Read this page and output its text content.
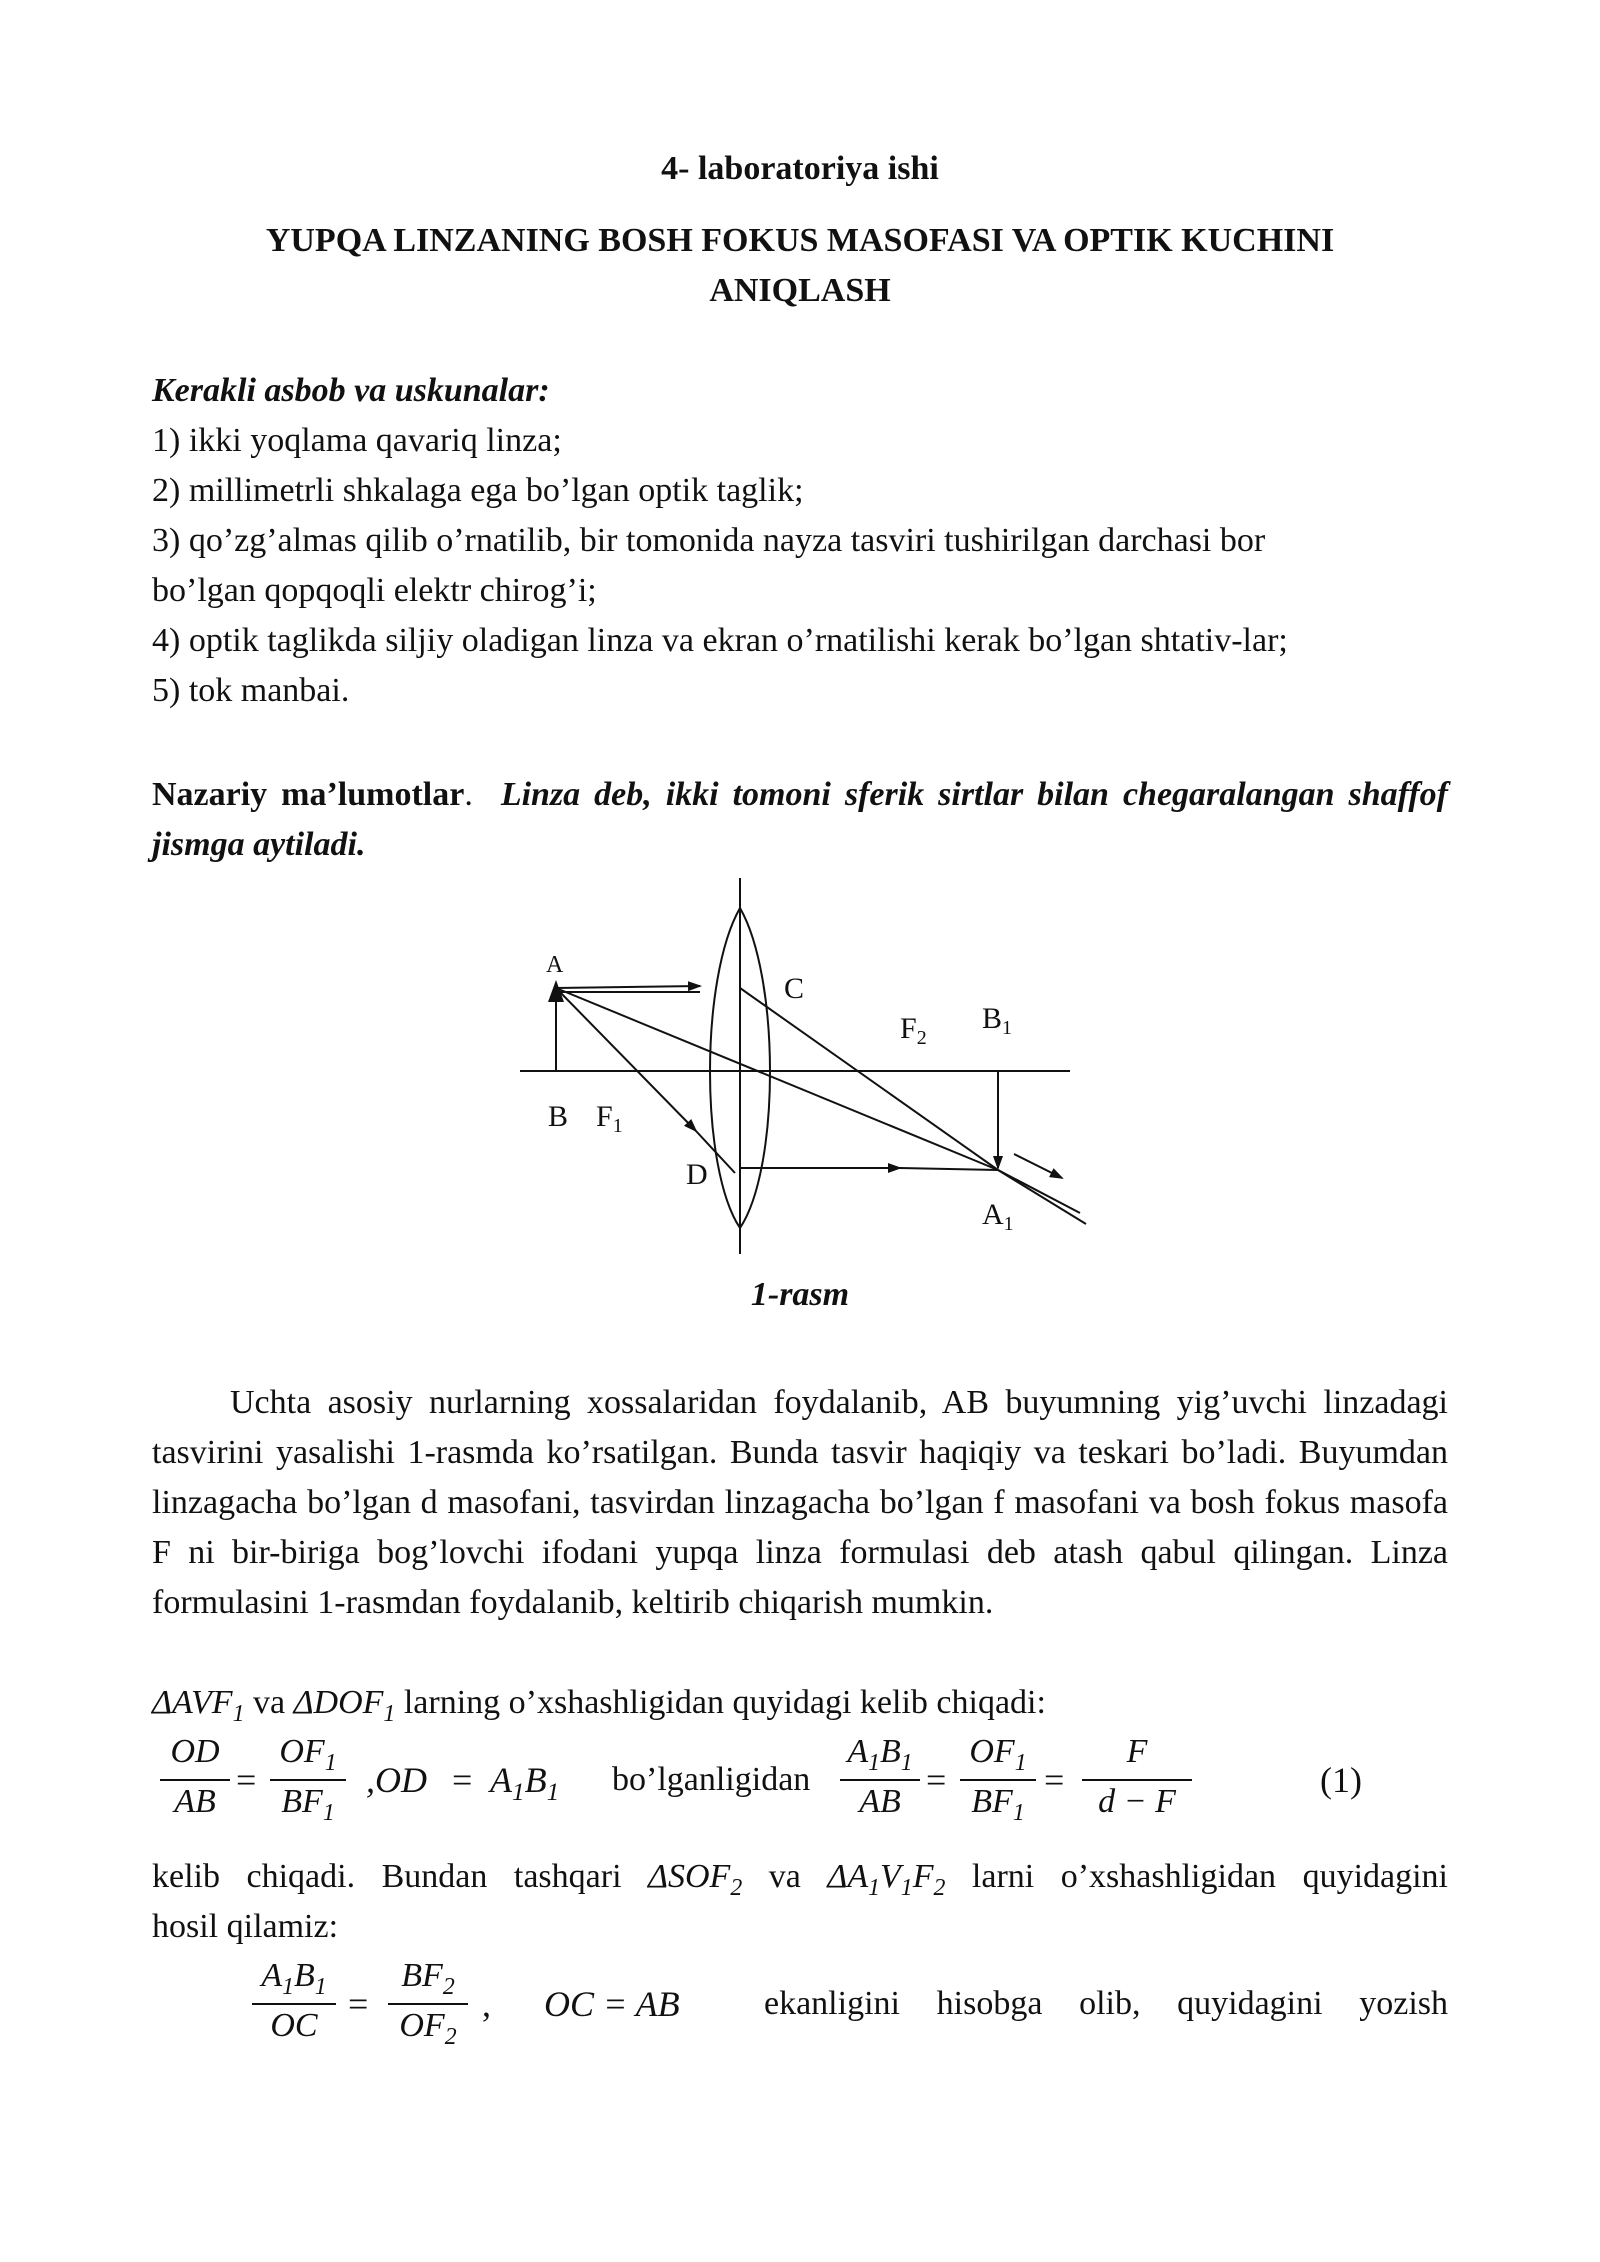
4- laboratoriya ishi
YUPQA LINZANING BOSH FOKUS MASOFASI VA OPTIK KUCHINI
ANIQLASH
Kerakli asbob va uskunalar:
1) ikki yoqlama qavariq linza;
2) millimetrli shkalaga ega bo’lgan optik taglik;
3) qo’zg’almas qilib o’rnatilib, bir tomonida nayza tasviri tushirilgan darchasi bor
bo’lgan qopqoqli elektr chirog’i;
4) optik taglikda siljiy oladigan linza va ekran o’rnatilishi kerak bo’lgan shtativ-lar;
5) tok manbai.
Nazariy ma’lumotlar. Linza deb, ikki tomoni sferik sirtlar bilan chegaralangan shaffof jismga aytiladi.
A
C
$F_2$
$B_1$
B $F_1$
D
$A_1$
1-rasm
Uchta asosiy nurlarning xossalaridan foydalanib, AB buyumning yig’uvchi linzadagi tasvirini yasalishi 1-rasmda ko’rsatilgan. Bunda tasvir haqiqiy va teskari bo’ladi. Buyumdan linzagacha bo’lgan d masofani, tasvirdan linzagacha bo’lgan f masofani va bosh fokus masofa F ni bir-biriga bog’lovchi ifodani yupqa linza formulasi deb atash qabul qilingan. Linza formulasini 1-rasmdan foydalanib, keltirib chiqarish mumkin.
$\Delta AVF_1$ va $\Delta DOF_1$ larning o’xshashligidan quyidagi kelib chiqadi:
OD
AB
=
$OF_1$
$BF_1$
$,OD = A_1B_1$ bo’lganligidan
$A_1B_1$
AB
=
$OF_1$
$BF_1$
=
F
d − F
(1)
kelib chiqadi. Bundan tashqari $\Delta SOF_2$ va $\Delta A_1V_1F_2$ larni o’xshashligidan quyidagini
hosil qilamiz:
$A_1B_1$
OC
=
$BF_2$
$OF_2$
, OC = AB ekanligini hisobga olib, quyidagini yozish
